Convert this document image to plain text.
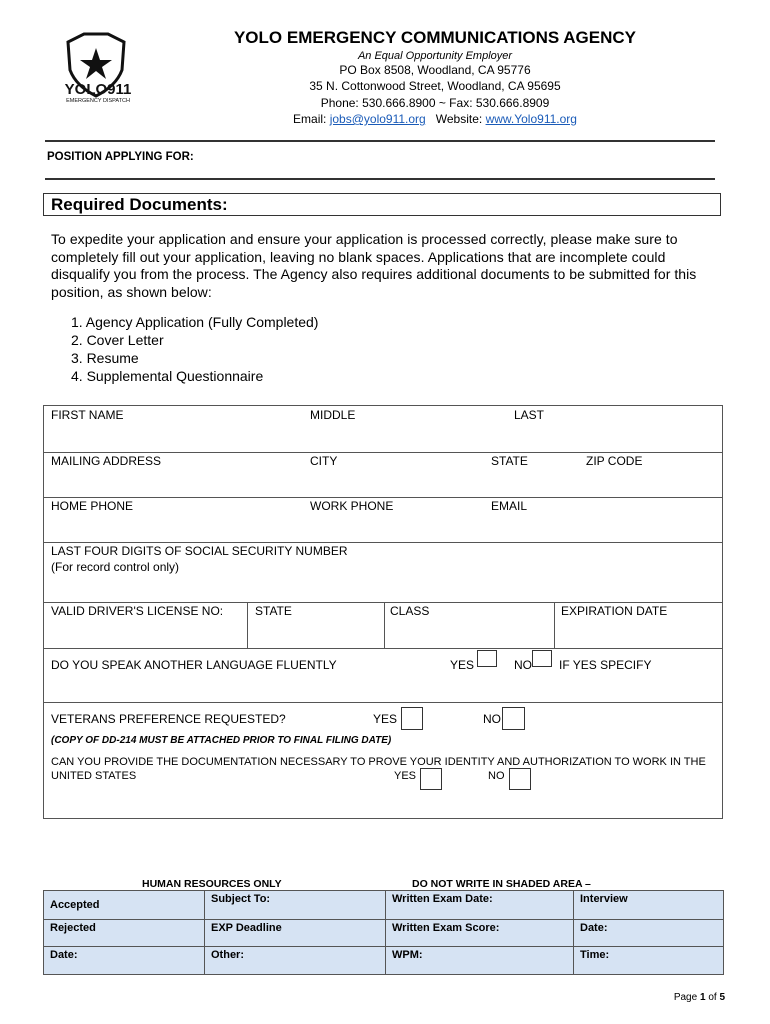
YOLO911
EMERGENCY DISPATCH
YOLO EMERGENCY COMMUNICATIONS AGENCY
An Equal Opportunity Employer
PO Box 8508, Woodland, CA 95776
35 N. Cottonwood Street, Woodland, CA 95695
Phone: 530.666.8900 ~ Fax: 530.666.8909
Email: jobs@yolo911.org Website: www.Yolo911.org
POSITION APPLYING FOR:
Required Documents:
To expedite your application and ensure your application is processed correctly, please make sure to completely fill out your application, leaving no blank spaces. Applications that are incomplete could disqualify you from the process. The Agency also requires additional documents to be submitted for this position, as shown below:
1. Agency Application (Fully Completed)
2. Cover Letter
3. Resume
4. Supplemental Questionnaire
FIRST NAME	MIDDLE	LAST
MAILING ADDRESS	CITY	STATE	ZIP CODE
HOME PHONE	WORK PHONE	EMAIL
LAST FOUR DIGITS OF SOCIAL SECURITY NUMBER
(For record control only)
VALID DRIVER'S LICENSE NO:	STATE	CLASS	EXPIRATION DATE
DO YOU SPEAK ANOTHER LANGUAGE FLUENTLY	YES	NO IF YES SPECIFY
VETERANS PREFERENCE REQUESTED?	YES	NO
(COPY OF DD-214 MUST BE ATTACHED PRIOR TO FINAL FILING DATE)
CAN YOU PROVIDE THE DOCUMENTATION NECESSARY TO PROVE YOUR IDENTITY AND AUTHORIZATION TO WORK IN THE UNITED STATES	YES	NO
HUMAN RESOURCES ONLY	DO NOT WRITE IN SHADED AREA –
Accepted	Subject To:	Written Exam Date:	Interview
Rejected	EXP Deadline	Written Exam Score:	Date:
Date:	Other:	WPM:	Time:
Page 1 of 5
